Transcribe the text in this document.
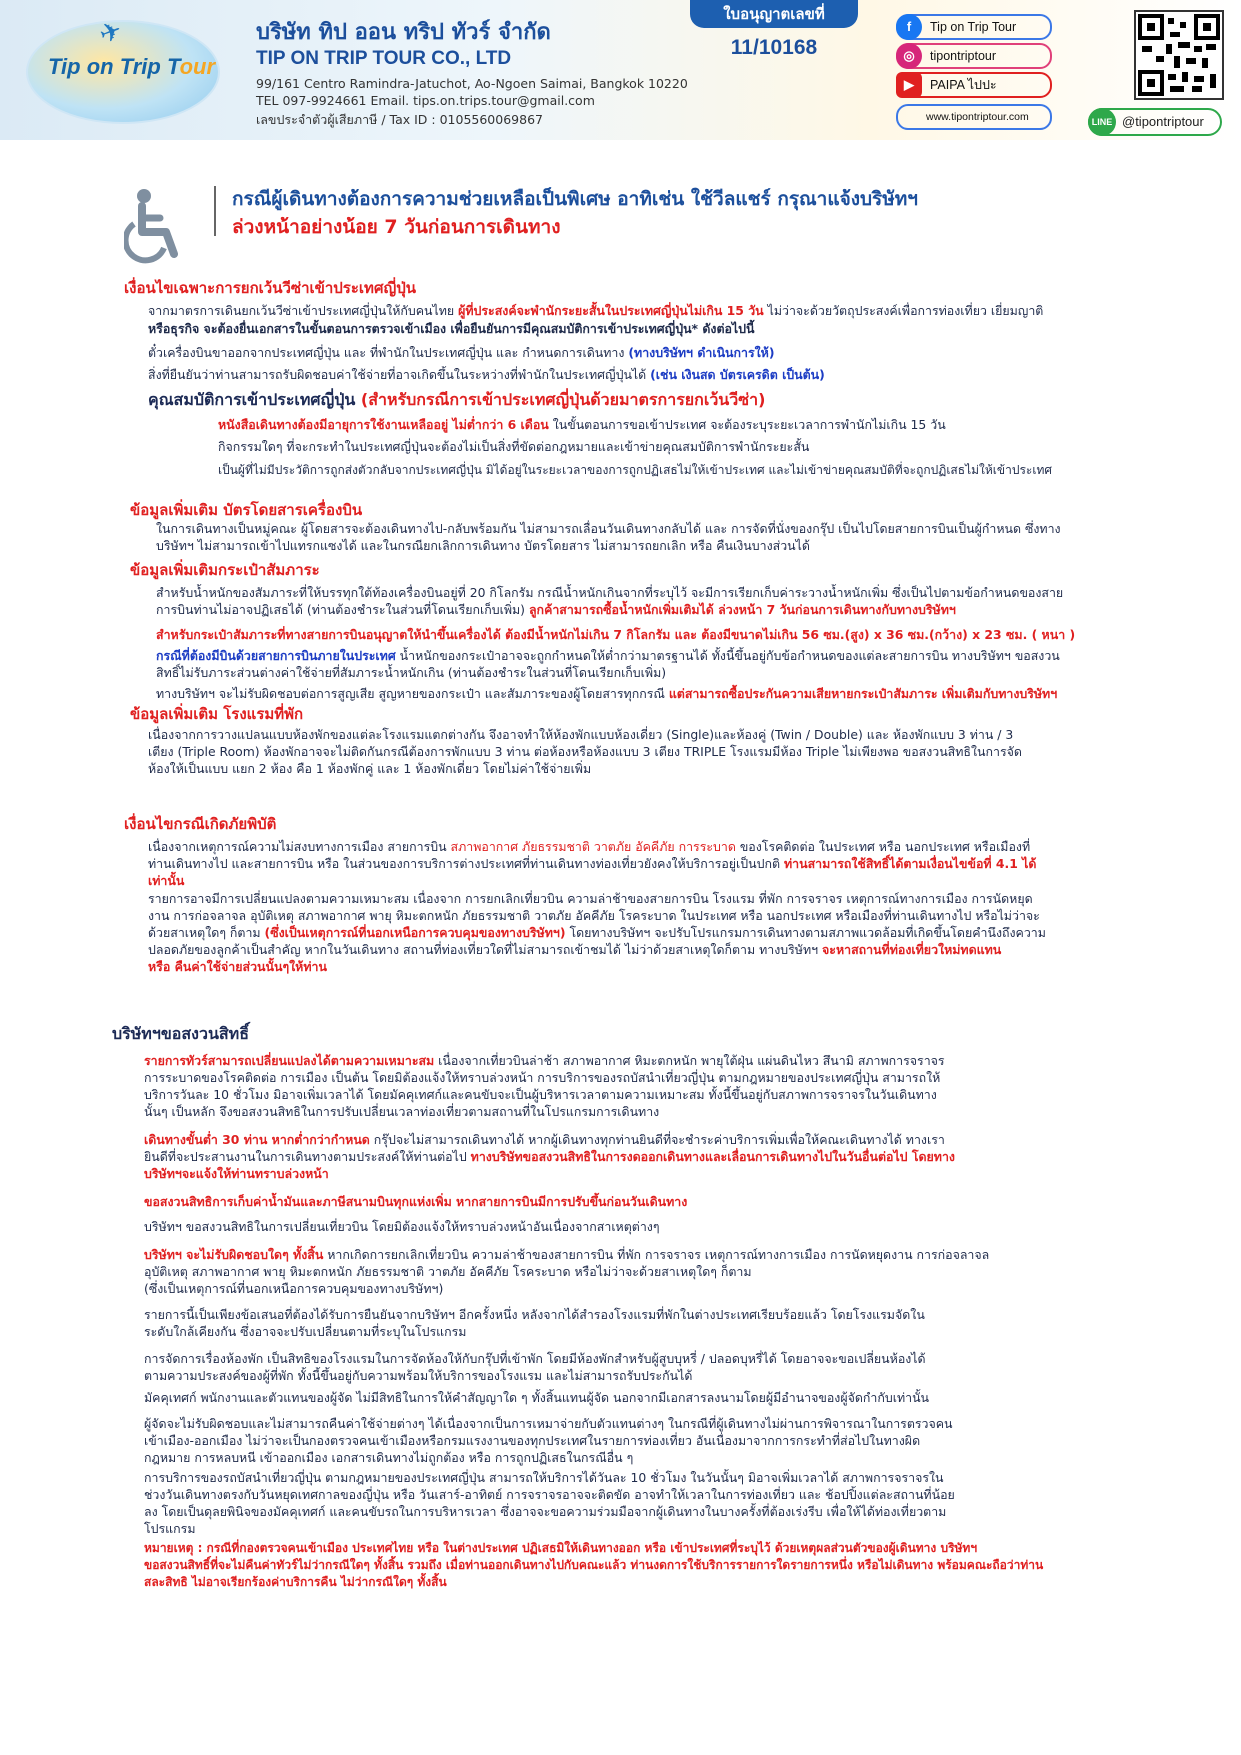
✈
Tip on Trip Tour
บริษัท ทิป ออน ทริป ทัวร์ จำกัด
TIP ON TRIP TOUR CO., LTD
99/161 Centro Ramindra-Jatuchot, Ao-Ngoen Saimai, Bangkok 10220
TEL 097-9924661 Email. tips.on.trips.tour@gmail.com
เลขประจำตัวผู้เสียภาษี / Tax ID : 0105560069867
ใบอนุญาตเลขที่
11/10168
f	Tip on Trip Tour
◎	tipontriptour
▶	PAIPA ไปปะ
www.tipontriptour.com	LINE @tipontriptour
กรณีผู้เดินทางต้องการความช่วยเหลือเป็นพิเศษ อาทิเช่น ใช้วีลแชร์ กรุณาแจ้งบริษัทฯ
ล่วงหน้าอย่างน้อย 7 วันก่อนการเดินทาง
เงื่อนไขเฉพาะการยกเว้นวีซ่าเข้าประเทศญี่ปุ่น
จากมาตรการเดินยกเว้นวีซ่าเข้าประเทศญี่ปุ่นให้กับคนไทย ผู้ที่ประสงค์จะพำนักระยะสั้นในประเทศญี่ปุ่นไม่เกิน 15 วัน ไม่ว่าจะด้วยวัตถุประสงค์เพื่อการท่องเที่ยว เยี่ยมญาติ
หรือธุรกิจ จะต้องยื่นเอกสารในขั้นตอนการตรวจเข้าเมือง เพื่อยืนยันการมีคุณสมบัติการเข้าประเทศญี่ปุ่น* ดังต่อไปนี้
ตั๋วเครื่องบินขาออกจากประเทศญี่ปุ่น และ ที่พำนักในประเทศญี่ปุ่น และ กำหนดการเดินทาง (ทางบริษัทฯ ดำเนินการให้)
สิ่งที่ยืนยันว่าท่านสามารถรับผิดชอบค่าใช้จ่ายที่อาจเกิดขึ้นในระหว่างที่พำนักในประเทศญี่ปุ่นได้ (เช่น เงินสด บัตรเครดิต เป็นต้น)
คุณสมบัติการเข้าประเทศญี่ปุ่น (สำหรับกรณีการเข้าประเทศญี่ปุ่นด้วยมาตรการยกเว้นวีซ่า)
หนังสือเดินทางต้องมีอายุการใช้งานเหลืออยู่ ไม่ต่ำกว่า 6 เดือน ในขั้นตอนการขอเข้าประเทศ จะต้องระบุระยะเวลาการพำนักไม่เกิน 15 วัน
กิจกรรมใดๆ ที่จะกระทำในประเทศญี่ปุ่นจะต้องไม่เป็นสิ่งที่ขัดต่อกฎหมายและเข้าข่ายคุณสมบัติการพำนักระยะสั้น
เป็นผู้ที่ไม่มีประวัติการถูกส่งตัวกลับจากประเทศญี่ปุ่น มิได้อยู่ในระยะเวลาของการถูกปฏิเสธไม่ให้เข้าประเทศ และไม่เข้าข่ายคุณสมบัติที่จะถูกปฏิเสธไม่ให้เข้าประเทศ
ข้อมูลเพิ่มเติม บัตรโดยสารเครื่องบิน
ในการเดินทางเป็นหมู่คณะ ผู้โดยสารจะต้องเดินทางไป-กลับพร้อมกัน ไม่สามารถเลื่อนวันเดินทางกลับได้ และ การจัดที่นั่งของกรุ๊ป เป็นไปโดยสายการบินเป็นผู้กำหนด ซึ่งทาง
บริษัทฯ ไม่สามารถเข้าไปแทรกแซงได้ และในกรณียกเลิกการเดินทาง บัตรโดยสาร ไม่สามารถยกเลิก หรือ คืนเงินบางส่วนได้
ข้อมูลเพิ่มเติมกระเป๋าสัมภาระ
สำหรับน้ำหนักของสัมภาระที่ให้บรรทุกใต้ท้องเครื่องบินอยู่ที่ 20 กิโลกรัม กรณีน้ำหนักเกินจากที่ระบุไว้ จะมีการเรียกเก็บค่าระวางน้ำหนักเพิ่ม ซึ่งเป็นไปตามข้อกำหนดของสาย
การบินท่านไม่อาจปฏิเสธได้ (ท่านต้องชำระในส่วนที่โดนเรียกเก็บเพิ่ม) ลูกค้าสามารถซื้อน้ำหนักเพิ่มเติมได้ ล่วงหน้า 7 วันก่อนการเดินทางกับทางบริษัทฯ
สำหรับกระเป๋าสัมภาระที่ทางสายการบินอนุญาตให้นำขึ้นเครื่องได้ ต้องมีน้ำหนักไม่เกิน 7 กิโลกรัม และ ต้องมีขนาดไม่เกิน 56 ซม.(สูง) x 36 ซม.(กว้าง) x 23 ซม. ( หนา )
กรณีที่ต้องมีบินด้วยสายการบินภายในประเทศ น้ำหนักของกระเป๋าอาจจะถูกกำหนดให้ต่ำกว่ามาตรฐานได้ ทั้งนี้ขึ้นอยู่กับข้อกำหนดของแต่ละสายการบิน ทางบริษัทฯ ขอสงวน
สิทธิ์ไม่รับภาระส่วนต่างค่าใช้จ่ายที่สัมภาระน้ำหนักเกิน (ท่านต้องชำระในส่วนที่โดนเรียกเก็บเพิ่ม)
ทางบริษัทฯ จะไม่รับผิดชอบต่อการสูญเสีย สูญหายของกระเป๋า และสัมภาระของผู้โดยสารทุกกรณี แต่สามารถซื้อประกันความเสียหายกระเป๋าสัมภาระ เพิ่มเติมกับทางบริษัทฯ
ข้อมูลเพิ่มเติม โรงแรมที่พัก
เนื่องจากการวางแปลนแบบห้องพักของแต่ละโรงแรมแตกต่างกัน จึงอาจทำให้ห้องพักแบบห้องเดี่ยว (Single)และห้องคู่ (Twin / Double) และ ห้องพักแบบ 3 ท่าน / 3
เตียง (Triple Room) ห้องพักอาจจะไม่ติดกันกรณีต้องการพักแบบ 3 ท่าน ต่อห้องหรือห้องแบบ 3 เตียง TRIPLE โรงแรมมีห้อง Triple ไม่เพียงพอ ขอสงวนสิทธิในการจัด
ห้องให้เป็นแบบ แยก 2 ห้อง คือ 1 ห้องพักคู่ และ 1 ห้องพักเดี่ยว โดยไม่ค่าใช้จ่ายเพิ่ม
เงื่อนไขกรณีเกิดภัยพิบัติ
เนื่องจากเหตุการณ์ความไม่สงบทางการเมือง สายการบิน สภาพอากาศ ภัยธรรมชาติ วาตภัย อัคคีภัย การระบาด ของโรคติดต่อ ในประเทศ หรือ นอกประเทศ หรือเมืองที่
ท่านเดินทางไป และสายการบิน หรือ ในส่วนของการบริการต่างประเทศที่ท่านเดินทางท่องเที่ยวยังคงให้บริการอยู่เป็นปกติ ท่านสามารถใช้สิทธิ์ได้ตามเงื่อนไขข้อที่ 4.1 ได้
เท่านั้น
รายการอาจมีการเปลี่ยนแปลงตามความเหมาะสม เนื่องจาก การยกเลิกเที่ยวบิน ความล่าช้าของสายการบิน โรงแรม ที่พัก การจราจร เหตุการณ์ทางการเมือง การนัดหยุด
งาน การก่อจลาจล อุบัติเหตุ สภาพอากาศ พายุ หิมะตกหนัก ภัยธรรมชาติ วาตภัย อัคคีภัย โรคระบาด ในประเทศ หรือ นอกประเทศ หรือเมืองที่ท่านเดินทางไป หรือไม่ว่าจะ
ด้วยสาเหตุใดๆ ก็ตาม (ซึ่งเป็นเหตุการณ์ที่นอกเหนือการควบคุมของทางบริษัทฯ) โดยทางบริษัทฯ จะปรับโปรแกรมการเดินทางตามสภาพแวดล้อมที่เกิดขึ้นโดยคำนึงถึงความ
ปลอดภัยของลูกค้าเป็นสำคัญ หากในวันเดินทาง สถานที่ท่องเที่ยวใดที่ไม่สามารถเข้าชมได้ ไม่ว่าด้วยสาเหตุใดก็ตาม ทางบริษัทฯ จะหาสถานที่ท่องเที่ยวใหม่ทดแทน
หรือ คืนค่าใช้จ่ายส่วนนั้นๆให้ท่าน
บริษัทฯขอสงวนสิทธิ์
รายการทัวร์สามารถเปลี่ยนแปลงได้ตามความเหมาะสม เนื่องจากเที่ยวบินล่าช้า สภาพอากาศ หิมะตกหนัก พายุใต้ฝุ่น แผ่นดินไหว สึนามิ สภาพการจราจร
การระบาดของโรคติดต่อ การเมือง เป็นต้น โดยมิต้องแจ้งให้ทราบล่วงหน้า การบริการของรถบัสนำเที่ยวญี่ปุ่น ตามกฎหมายของประเทศญี่ปุ่น สามารถให้
บริการวันละ 10 ชั่วโมง มิอาจเพิ่มเวลาได้ โดยมัคคุเทศก์และคนขับจะเป็นผู้บริหารเวลาตามความเหมาะสม ทั้งนี้ขึ้นอยู่กับสภาพการจราจรในวันเดินทาง
นั้นๆ เป็นหลัก จึงขอสงวนสิทธิในการปรับเปลี่ยนเวลาท่องเที่ยวตามสถานที่ในโปรแกรมการเดินทาง
เดินทางขั้นต่ำ 30 ท่าน หากต่ำกว่ากำหนด กรุ๊ปจะไม่สามารถเดินทางได้ หากผู้เดินทางทุกท่านยินดีที่จะชำระค่าบริการเพิ่มเพื่อให้คณะเดินทางได้ ทางเรา
ยินดีที่จะประสานงานในการเดินทางตามประสงค์ให้ท่านต่อไป ทางบริษัทขอสงวนสิทธิในการงดออกเดินทางและเลื่อนการเดินทางไปในวันอื่นต่อไป โดยทาง
บริษัทฯจะแจ้งให้ท่านทราบล่วงหน้า
ขอสงวนสิทธิการเก็บค่าน้ำมันและภาษีสนามบินทุกแห่งเพิ่ม หากสายการบินมีการปรับขึ้นก่อนวันเดินทาง
บริษัทฯ ขอสงวนสิทธิในการเปลี่ยนเที่ยวบิน โดยมิต้องแจ้งให้ทราบล่วงหน้าอันเนื่องจากสาเหตุต่างๆ
บริษัทฯ จะไม่รับผิดชอบใดๆ ทั้งสิ้น หากเกิดการยกเลิกเที่ยวบิน ความล่าช้าของสายการบิน ที่พัก การจราจร เหตุการณ์ทางการเมือง การนัดหยุดงาน การก่อจลาจล
อุบัติเหตุ สภาพอากาศ พายุ หิมะตกหนัก ภัยธรรมชาติ วาตภัย อัคคีภัย โรคระบาด หรือไม่ว่าจะด้วยสาเหตุใดๆ ก็ตาม
(ซึ่งเป็นเหตุการณ์ที่นอกเหนือการควบคุมของทางบริษัทฯ)
รายการนี้เป็นเพียงข้อเสนอที่ต้องได้รับการยืนยันจากบริษัทฯ อีกครั้งหนึ่ง หลังจากได้สำรองโรงแรมที่พักในต่างประเทศเรียบร้อยแล้ว โดยโรงแรมจัดใน
ระดับใกล้เคียงกัน ซึ่งอาจจะปรับเปลี่ยนตามที่ระบุในโปรแกรม
การจัดการเรื่องห้องพัก เป็นสิทธิของโรงแรมในการจัดห้องให้กับกรุ๊ปที่เข้าพัก โดยมีห้องพักสำหรับผู้สูบบุหรี่ / ปลอดบุหรี่ได้ โดยอาจจะขอเปลี่ยนห้องได้
ตามความประสงค์ของผู้ที่พัก ทั้งนี้ขึ้นอยู่กับความพร้อมให้บริการของโรงแรม และไม่สามารถรับประกันได้
มัคคุเทศก์ พนักงานและตัวแทนของผู้จัด ไม่มีสิทธิในการให้คำสัญญาใด ๆ ทั้งสิ้นแทนผู้จัด นอกจากมีเอกสารลงนามโดยผู้มีอำนาจของผู้จัดกำกับเท่านั้น
ผู้จัดจะไม่รับผิดชอบและไม่สามารถคืนค่าใช้จ่ายต่างๆ ได้เนื่องจากเป็นการเหมาจ่ายกับตัวแทนต่างๆ ในกรณีที่ผู้เดินทางไม่ผ่านการพิจารณาในการตรวจคน
เข้าเมือง-ออกเมือง ไม่ว่าจะเป็นกองตรวจคนเข้าเมืองหรือกรมแรงงานของทุกประเทศในรายการท่องเที่ยว อันเนื่องมาจากการกระทำที่ส่อไปในทางผิด
กฎหมาย การหลบหนี เข้าออกเมือง เอกสารเดินทางไม่ถูกต้อง หรือ การถูกปฏิเสธในกรณีอื่น ๆ
การบริการของรถบัสนำเที่ยวญี่ปุ่น ตามกฎหมายของประเทศญี่ปุ่น สามารถให้บริการได้วันละ 10 ชั่วโมง ในวันนั้นๆ มิอาจเพิ่มเวลาได้ สภาพการจราจรใน
ช่วงวันเดินทางตรงกับวันหยุดเทศกาลของญี่ปุ่น หรือ วันเสาร์-อาทิตย์ การจราจรอาจจะติดขัด อาจทำให้เวลาในการท่องเที่ยว และ ช้อปปิ้งแต่ละสถานที่น้อย
ลง โดยเป็นดุลยพินิจของมัคคุเทศก์ และคนขับรถในการบริหารเวลา ซึ่งอาจจะขอความร่วมมือจากผู้เดินทางในบางครั้งที่ต้องเร่งรีบ เพื่อให้ได้ท่องเที่ยวตาม
โปรแกรม
หมายเหตุ : กรณีที่กองตรวจคนเข้าเมือง ประเทศไทย หรือ ในต่างประเทศ ปฏิเสธมิให้เดินทางออก หรือ เข้าประเทศที่ระบุไว้ ด้วยเหตุผลส่วนตัวของผู้เดินทาง บริษัทฯ
ขอสงวนสิทธิ์ที่จะไม่คืนค่าทัวร์ไม่ว่ากรณีใดๆ ทั้งสิ้น รวมถึง เมื่อท่านออกเดินทางไปกับคณะแล้ว ท่านงดการใช้บริการรายการใดรายการหนึ่ง หรือไม่เดินทาง พร้อมคณะถือว่าท่าน
สละสิทธิ ไม่อาจเรียกร้องค่าบริการคืน ไม่ว่ากรณีใดๆ ทั้งสิ้น
